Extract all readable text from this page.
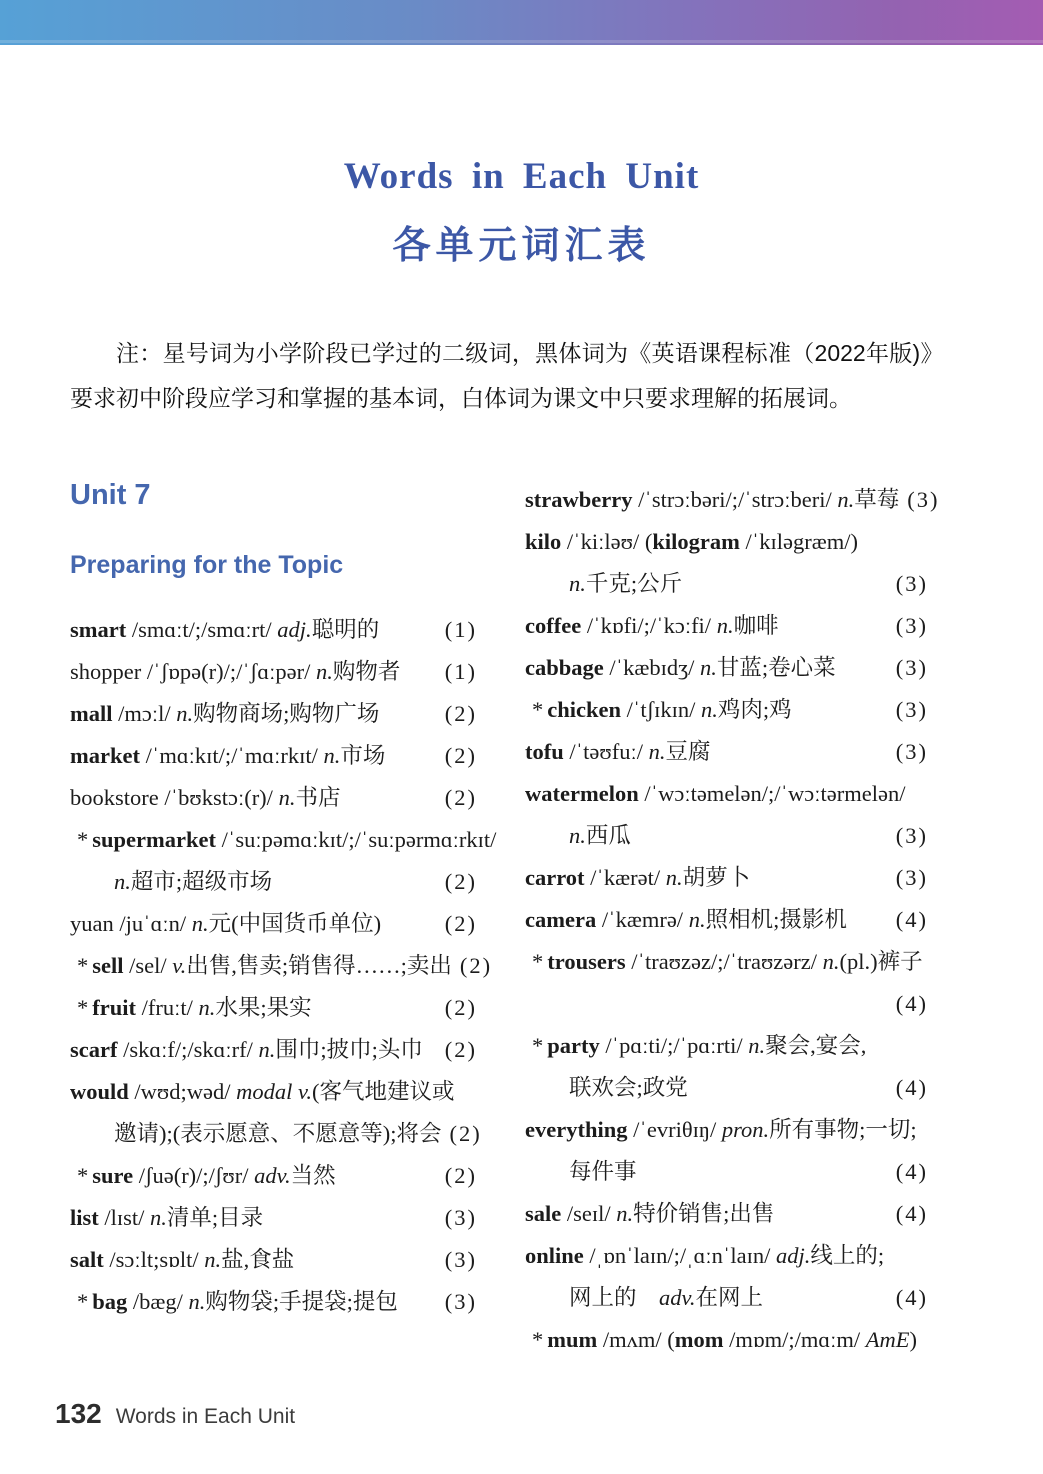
Words in Each Unit
各单元词汇表

注：星号词为小学阶段已学过的二级词，黑体词为《英语课程标准（2022年版)》要求初中阶段应学习和掌握的基本词，白体词为课文中只要求理解的拓展词。

Unit 7
Preparing for the Topic
smart /smɑːt/;/smɑːrt/ adj.聪明的	(1)
shopper /ˈʃɒpə(r)/;/ˈʃɑːpər/ n.购物者	(1)
mall /mɔːl/ n.购物商场;购物广场	(2)
market /ˈmɑːkɪt/;/ˈmɑːrkɪt/ n.市场	(2)
bookstore /ˈbʊkstɔː(r)/ n.书店	(2)
* supermarket /ˈsuːpəmɑːkɪt/;/ˈsuːpərmɑːrkɪt/
n.超市;超级市场	(2)
yuan /juˈɑːn/ n.元(中国货币单位)	(2)
* sell /sel/ v.出售,售卖;销售得……;卖出 (2)
* fruit /fruːt/ n.水果;果实	(2)
scarf /skɑːf/;/skɑːrf/ n.围巾;披巾;头巾 (2)
would /wʊd;wəd/ modal v.(客气地建议或
邀请);(表示愿意、不愿意等);将会 (2)
* sure /ʃuə(r)/;/ʃʊr/ adv.当然	(2)
list /lɪst/ n.清单;目录	(3)
salt /sɔːlt;sɒlt/ n.盐,食盐	(3)
* bag /bæg/ n.购物袋;手提袋;提包	(3)
strawberry /ˈstrɔːbəri/;/ˈstrɔːberi/ n.草莓 (3)
kilo /ˈkiːləʊ/ (kilogram /ˈkɪləgræm/)
n.千克;公斤	(3)
coffee /ˈkɒfi/;/ˈkɔːfi/ n.咖啡	(3)
cabbage /ˈkæbɪdʒ/ n.甘蓝;卷心菜	(3)
* chicken /ˈtʃɪkɪn/ n.鸡肉;鸡	(3)
tofu /ˈtəʊfuː/ n.豆腐	(3)
watermelon /ˈwɔːtəmelən/;/ˈwɔːtərmelən/
n.西瓜	(3)
carrot /ˈkærət/ n.胡萝卜	(3)
camera /ˈkæmrə/ n.照相机;摄影机	(4)
* trousers /ˈtraʊzəz/;/ˈtraʊzərz/ n.(pl.)裤子
(4)
* party /ˈpɑːti/;/ˈpɑːrti/ n.聚会,宴会,
联欢会;政党	(4)
everything /ˈevriθɪŋ/ pron.所有事物;一切;
每件事	(4)
sale /seɪl/ n.特价销售;出售	(4)
online /ˌɒnˈlaɪn/;/ˌɑːnˈlaɪn/ adj.线上的;
网上的　adv.在网上	(4)
* mum /mʌm/ (mom /mɒm/;/mɑːm/ AmE)
132 Words in Each Unit
